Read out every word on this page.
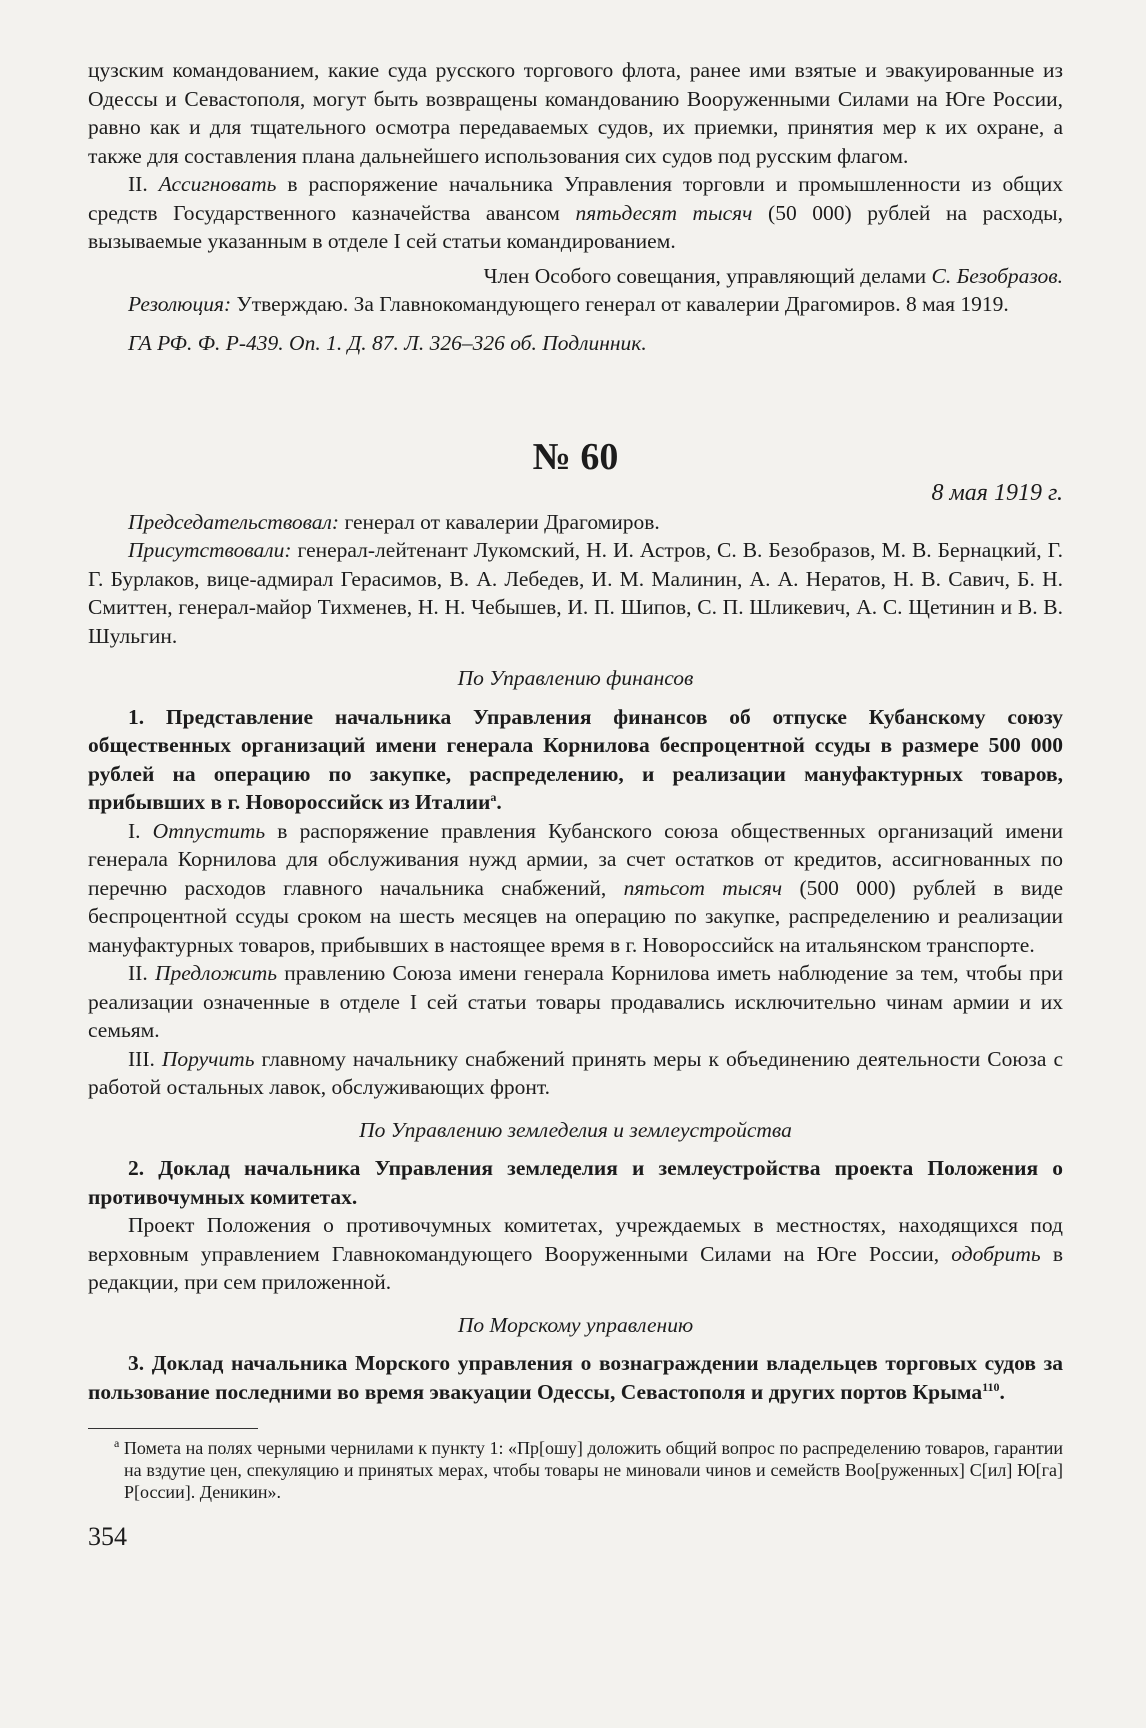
цузским командованием, какие суда русского торгового флота, ранее ими взятые и эвакуированные из Одессы и Севастополя, могут быть возвращены командованию Вооруженными Силами на Юге России, равно как и для тщательного осмотра передаваемых судов, их приемки, принятия мер к их охране, а также для составления плана дальнейшего использования сих судов под русским флагом.

II. Ассигновать в распоряжение начальника Управления торговли и промышленности из общих средств Государственного казначейства авансом пятьдесят тысяч (50 000) рублей на расходы, вызываемые указанным в отделе I сей статьи командированием.

Член Особого совещания, управляющий делами С. Безобразов.

Резолюция: Утверждаю. За Главнокомандующего генерал от кавалерии Драгомиров. 8 мая 1919.

ГА РФ. Ф. Р-439. Оп. 1. Д. 87. Л. 326–326 об. Подлинник.

№ 60
8 мая 1919 г.

Председательствовал: генерал от кавалерии Драгомиров.

Присутствовали: генерал-лейтенант Лукомский, Н. И. Астров, С. В. Безобразов, М. В. Бернацкий, Г. Г. Бурлаков, вице-адмирал Герасимов, В. А. Лебедев, И. М. Малинин, А. А. Нератов, Н. В. Савич, Б. Н. Смиттен, генерал-майор Тихменев, Н. Н. Чебышев, И. П. Шипов, С. П. Шликевич, А. С. Щетинин и В. В. Шульгин.

По Управлению финансов

1. Представление начальника Управления финансов об отпуске Кубанскому союзу общественных организаций имени генерала Корнилова беспроцентной ссуды в размере 500 000 рублей на операцию по закупке, распределению, и реализации мануфактурных товаров, прибывших в г. Новороссийск из Италии$^а$.

I. Отпустить в распоряжение правления Кубанского союза общественных организаций имени генерала Корнилова для обслуживания нужд армии, за счет остатков от кредитов, ассигнованных по перечню расходов главного начальника снабжений, пятьсот тысяч (500 000) рублей в виде беспроцентной ссуды сроком на шесть месяцев на операцию по закупке, распределению и реализации мануфактурных товаров, прибывших в настоящее время в г. Новороссийск на итальянском транспорте.

II. Предложить правлению Союза имени генерала Корнилова иметь наблюдение за тем, чтобы при реализации означенные в отделе I сей статьи товары продавались исключительно чинам армии и их семьям.

III. Поручить главному начальнику снабжений принять меры к объединению деятельности Союза с работой остальных лавок, обслуживающих фронт.

По Управлению земледелия и землеустройства

2. Доклад начальника Управления земледелия и землеустройства проекта Положения о противочумных комитетах.

Проект Положения о противочумных комитетах, учреждаемых в местностях, находящихся под верховным управлением Главнокомандующего Вооруженными Силами на Юге России, одобрить в редакции, при сем приложенной.

По Морскому управлению

3. Доклад начальника Морского управления о вознаграждении владельцев торговых судов за пользование последними во время эвакуации Одессы, Севастополя и других портов Крыма$^{110}$.

$^а$ Помета на полях черными чернилами к пункту 1: «Пр[ошу] доложить общий вопрос по распределению товаров, гарантии на вздутие цен, спекуляцию и принятых мерах, чтобы товары не миновали чинов и семейств Воо[руженных] С[ил] Ю[га] Р[оссии]. Деникин».

354
